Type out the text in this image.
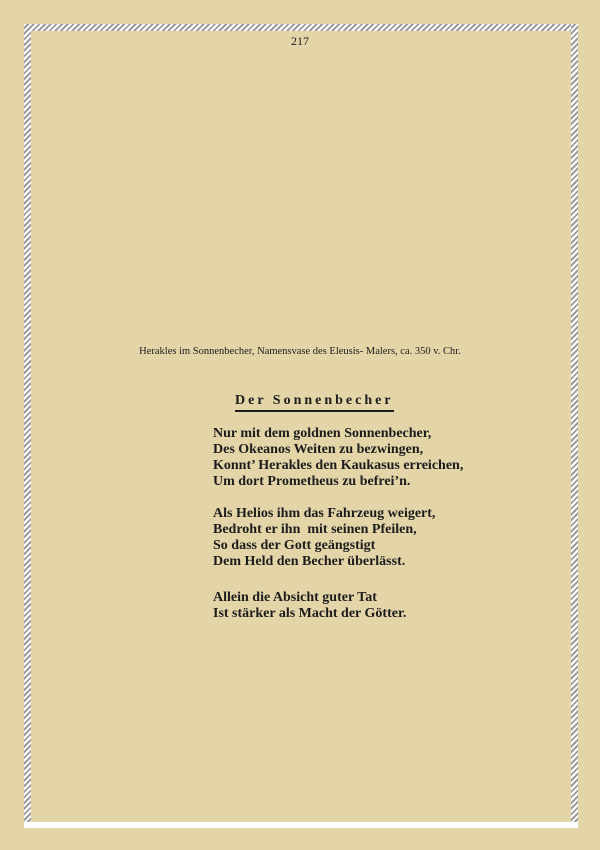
217
Herakles im Sonnenbecher, Namensvase des Eleusis- Malers, ca. 350 v. Chr.
Der Sonnenbecher
Nur mit dem goldnen Sonnenbecher,
Des Okeanos Weiten zu bezwingen,
Konnt’ Herakles den Kaukasus erreichen,
Um dort Prometheus zu befrei’n.
Als Helios ihm das Fahrzeug weigert,
Bedroht er ihn  mit seinen Pfeilen,
So dass der Gott geängstigt
Dem Held den Becher überlässt.
Allein die Absicht guter Tat
Ist stärker als Macht der Götter.
